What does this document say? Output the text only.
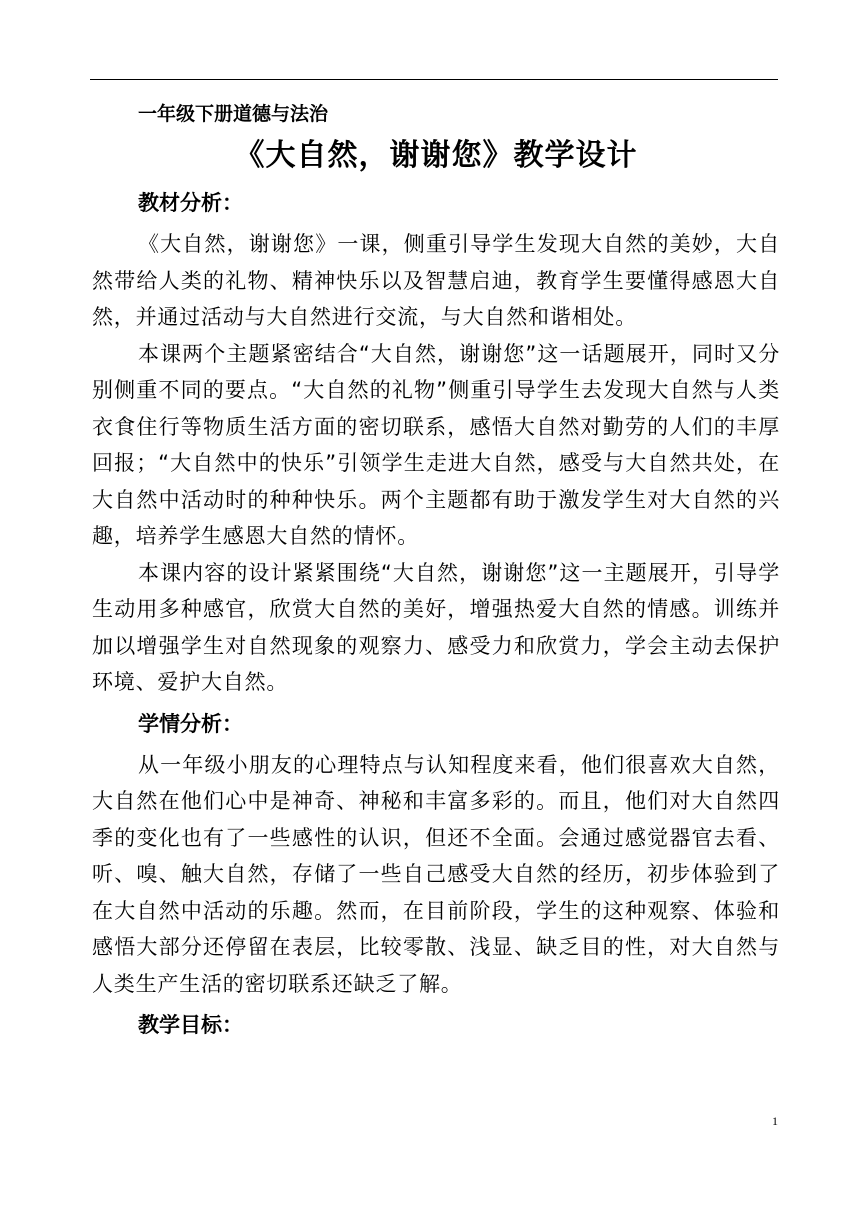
一年级下册道德与法治

《大自然，谢谢您》教学设计
教材分析：

《大自然，谢谢您》一课，侧重引导学生发现大自然的美妙，大自然带给人类的礼物、精神快乐以及智慧启迪，教育学生要懂得感恩大自然，并通过活动与大自然进行交流，与大自然和谐相处。

本课两个主题紧密结合“大自然，谢谢您”这一话题展开，同时又分别侧重不同的要点。“大自然的礼物”侧重引导学生去发现大自然与人类衣食住行等物质生活方面的密切联系，感悟大自然对勤劳的人们的丰厚回报；“大自然中的快乐”引领学生走进大自然，感受与大自然共处，在大自然中活动时的种种快乐。两个主题都有助于激发学生对大自然的兴趣，培养学生感恩大自然的情怀。

本课内容的设计紧紧围绕“大自然，谢谢您”这一主题展开，引导学生动用多种感官，欣赏大自然的美好，增强热爱大自然的情感。训练并加以增强学生对自然现象的观察力、感受力和欣赏力，学会主动去保护环境、爱护大自然。

学情分析：

从一年级小朋友的心理特点与认知程度来看，他们很喜欢大自然，大自然在他们心中是神奇、神秘和丰富多彩的。而且，他们对大自然四季的变化也有了一些感性的认识，但还不全面。会通过感觉器官去看、听、嗅、触大自然，存储了一些自己感受大自然的经历，初步体验到了在大自然中活动的乐趣。然而，在目前阶段，学生的这种观察、体验和感悟大部分还停留在表层，比较零散、浅显、缺乏目的性，对大自然与人类生产生活的密切联系还缺乏了解。

教学目标：
1
